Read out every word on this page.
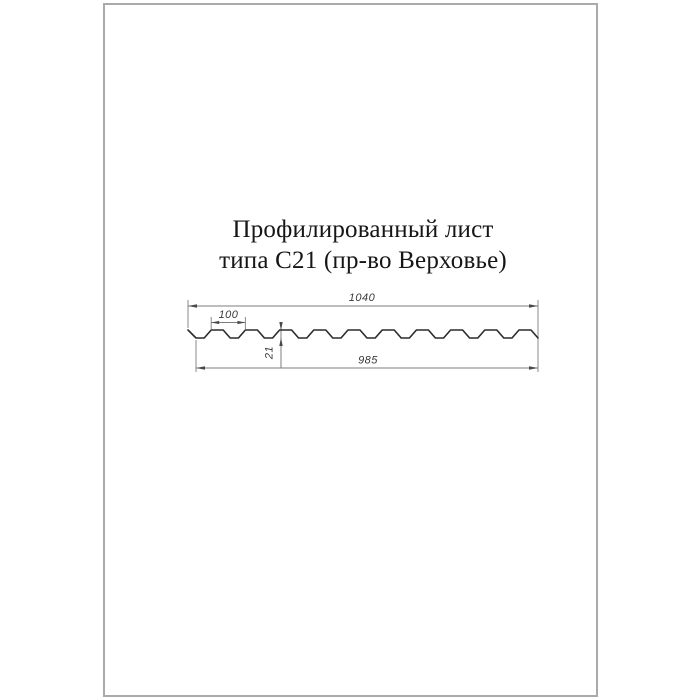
Профилированный лист
типа С21 (пр-во Верховье)
1040
100
985
21
